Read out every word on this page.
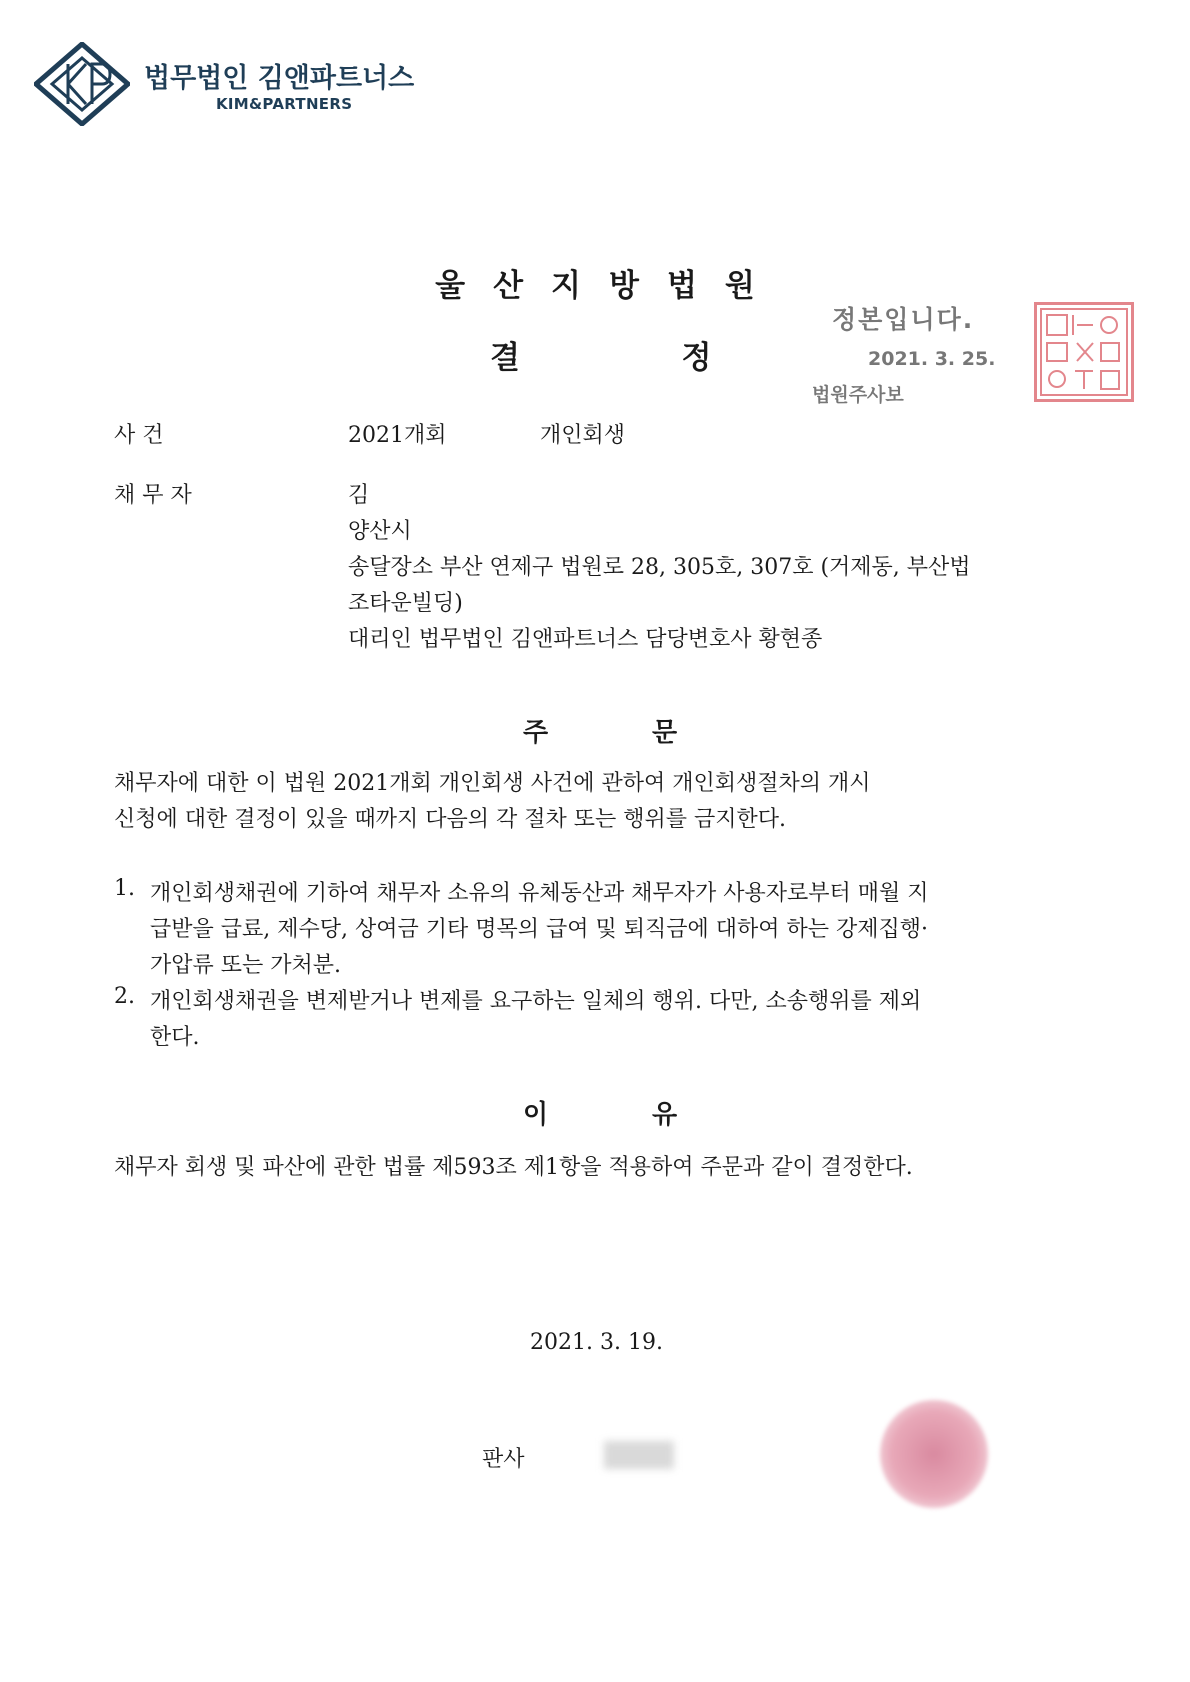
법무법인 김앤파트너스
KIM&PARTNERS
울산지방법원
결	정
정본입니다.
2021. 3. 25.
법원주사보
사 건	2021개회	개인회생
채 무 자	김
양산시
송달장소 부산 연제구 법원로 28, 305호, 307호 (거제동, 부산법
조타운빌딩)
대리인 법무법인 김앤파트너스 담당변호사 황현종
주	문
채무자에 대한 이 법원 2021개회 개인회생 사건에 관하여 개인회생절차의 개시
신청에 대한 결정이 있을 때까지 다음의 각 절차 또는 행위를 금지한다.
1. 개인회생채권에 기하여 채무자 소유의 유체동산과 채무자가 사용자로부터 매월 지
급받을 급료, 제수당, 상여금 기타 명목의 급여 및 퇴직금에 대하여 하는 강제집행·
가압류 또는 가처분.
2. 개인회생채권을 변제받거나 변제를 요구하는 일체의 행위. 다만, 소송행위를 제외
한다.
이	유
채무자 회생 및 파산에 관한 법률 제593조 제1항을 적용하여 주문과 같이 결정한다.
2021. 3. 19.
판사
